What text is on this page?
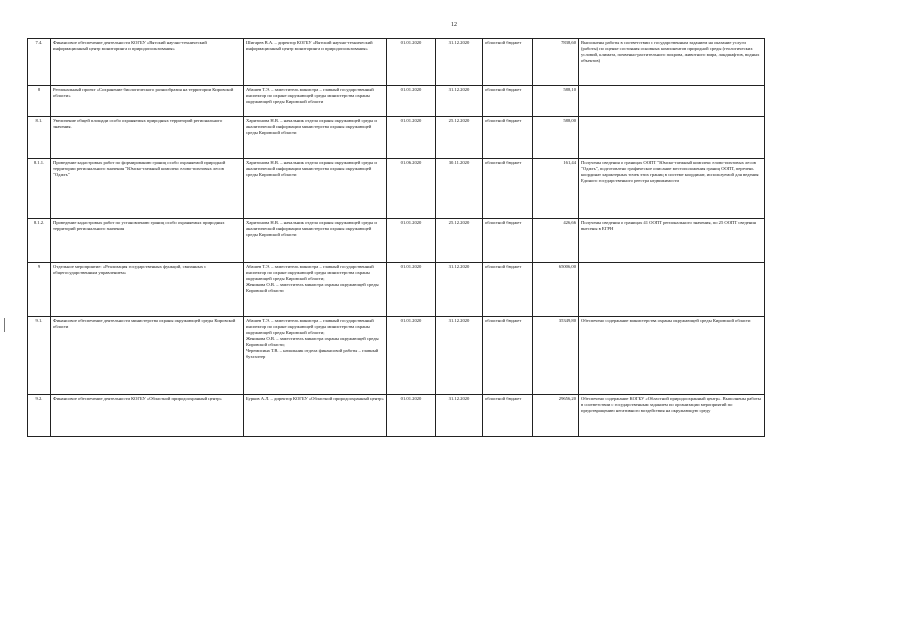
12
7.4.	Финансовое обеспечение деятельности КОГБУ «Вятский научно-технический информационный центр мониторинга и природопользования»	Шигарев В.А. – директор КОГБУ «Вятский научно-технический информационный центр мониторинга и природопользования»	01.01.2020	31.12.2020	областной бюджет	7838,60	Выполнены работы в соответствии с государственным заданием на оказание услуги (работы) по оценке состояния основных компонентов природной среды (геологических условий, климата, почвенно-растительного покрова, животного мира, ландшафтов, водных объектов)
8	Региональный проект «Сохранение биологического разнообразия на территории Кировской области»	Абашев Т.Э. – заместитель министра – главный государственный инспектор по охране окружающей среды министерства охраны окружающей среды Кировской области	01.01.2020	31.12.2020	областной бюджет	588,10	
8.1.	Увеличение общей площади особо охраняемых природных территорий регионального значения.	Харитонова Н.В. – начальник отдела охраны окружающей среды и аналитической информации министерства охраны окружающей среды Кировской области	01.01.2020	25.12.2020	областной бюджет	588,00	
8.1.1.	Проведение кадастровых работ по формированию границ особо охраняемой природной территории регионального значения "Юмско-таежный комплекс елово-пихтовых лесов "Оджть"	Харитонова Н.В. – начальник отдела охраны окружающей среды и аналитической информации министерства охраны окружающей среды Кировской области	01.06.2020	30.11.2020	областной бюджет	161,44	Получены сведения о границах ООПТ "Юмско-таежный комплекс елово-пихтовых лесов "Оджть", подготовлено графическое описание местоположения границ ООПТ, перечень координат характерных точек этих границ в системе координат, используемой для ведения Единого государственного реестра недвижимости
8.1.2.	Проведение кадастровых работ по установлению границ особо охраняемых природных территорий регионального значения	Харитонова Н.В. – начальник отдела охраны окружающей среды и аналитической информации министерства охраны окружающей среды Кировской области	01.01.2020	25.12.2020	областной бюджет	426,66	Получены сведения о границах 41 ООПТ регионального значения, по 25 ООПТ сведения внесены в ЕГРН
9	Отдельное мероприятие: «Реализация государственных функций, связанных с общегосударственным управлением»	Абашев Т.Э. – заместитель министра – главный государственный инспектор по охране окружающей среды министерства охраны окружающей среды Кировской области;
Женикова О.В. – заместитель министра охраны окружающей среды Кировской области	01.01.2020	31.12.2020	областной бюджет	65006,00	
9.1.	Финансовое обеспечение деятельности министерства охраны окружающей среды Кировской области	Абашев Т.Э. – заместитель министра – главный государственный инспектор по охране окружающей среды министерства охраны окружающей среды Кировской области;
Женикова О.В. – заместитель министра охраны окружающей среды Кировской области;
Черемисина Т.В. – начальник отдела финансовой работы – главный бухгалтер	01.01.2020	31.12.2020	областной бюджет	35349,80	Обеспечено содержание министерства охраны окружающей среды Кировской области
9.2.	Финансовое обеспечение деятельности КОГБУ «Областной природоохранный центр»	Бурков А.Л. – директор КОГБУ «Областной природоохранный центр»	01.01.2020	31.12.2020	областной бюджет	29656,20	Обеспечено содержание КОГБУ «Областной природоохранный центр». Выполнены работы в соответствии с государственным заданием по организации мероприятий по предотвращению негативного воздействия на окружающую среду
